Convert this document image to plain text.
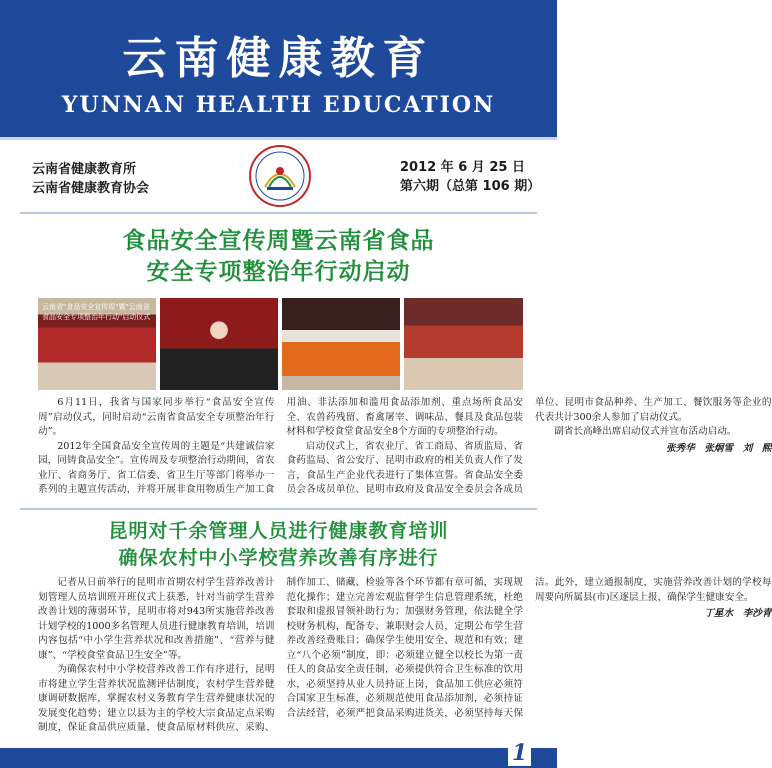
云南健康教育
YUNNAN HEALTH EDUCATION
云南省健康教育所
云南省健康教育协会
2012 年 6 月 25 日
第六期（总第 106 期）
食品安全宣传周暨云南省食品
安全专项整治年行动启动
云南省"食品安全宣传周"暨"云南省食品安全专项整治年行动"启动仪式

6月11日，我省与国家同步举行“食品安全宣传周”启动仪式，同时启动“云南省食品安全专项整治年行动”。

2012年全国食品安全宣传周的主题是“共建诚信家园，同铸食品安全”。宣传周及专项整治行动期间，省农业厅、省商务厅、省工信委、省卫生厅等部门将举办一系列的主题宣传活动，并将开展非食用物质生产加工食用油、非法添加和滥用食品添加剂、重点场所食品安全、农兽药残留、畜禽屠宰、调味品、餐具及食品包装材料和学校食堂食品安全8个方面的专项整治行动。

启动仪式上，省农业厅、省工商局、省质监局、省食药监局、省公安厅、昆明市政府的相关负责人作了发言，食品生产企业代表进行了集体宣誓。省食品安全委员会各成员单位、昆明市政府及食品安全委员会各成员单位、昆明市食品种养、生产加工、餐饮服务等企业的代表共计300余人参加了启动仪式。

副省长高峰出席启动仪式并宣布活动启动。

张秀华　张炯雪　刘　熙

昆明对千余管理人员进行健康教育培训
确保农村中小学校营养改善有序进行

记者从日前举行的昆明市首期农村学生营养改善计划管理人员培训班开班仪式上获悉，针对当前学生营养改善计划的薄弱环节，昆明市将对943所实施营养改善计划学校的1000多名管理人员进行健康教育培训，培训内容包括“中小学生营养状况和改善措施”、“营养与健康”、“学校食堂食品卫生安全”等。

为确保农村中小学校营养改善工作有序进行，昆明市将建立学生营养状况监测评估制度，农村学生营养健康调研数据库，掌握农村义务教育学生营养健康状况的发展变化趋势；建立以县为主的学校大宗食品定点采购制度，保证食品供应质量，使食品原材料供应、采购、制作加工、储藏、检验等各个环节都有章可循，实现规范化操作；建立完善宏观监督学生信息管理系统，杜绝套取和虚报冒领补助行为；加强财务管理，依法健全学校财务机构，配备专、兼职财会人员，定期公布学生营养改善经费账目；确保学生使用安全、规范和有效；建立“八个必须”制度，即：必须建立健全以校长为第一责任人的食品安全责任制，必须提供符合卫生标准的饮用水，必须坚持从业人员持证上岗，食品加工供应必须符合国家卫生标准，必须规范使用食品添加剂，必须持证合法经营，必须严把食品采购进货关，必须坚持每天保洁。此外，建立通报制度，实施营养改善计划的学校每周要向所属县(市)区逐层上报，确保学生健康安全。

丁星水　李沙青

1
